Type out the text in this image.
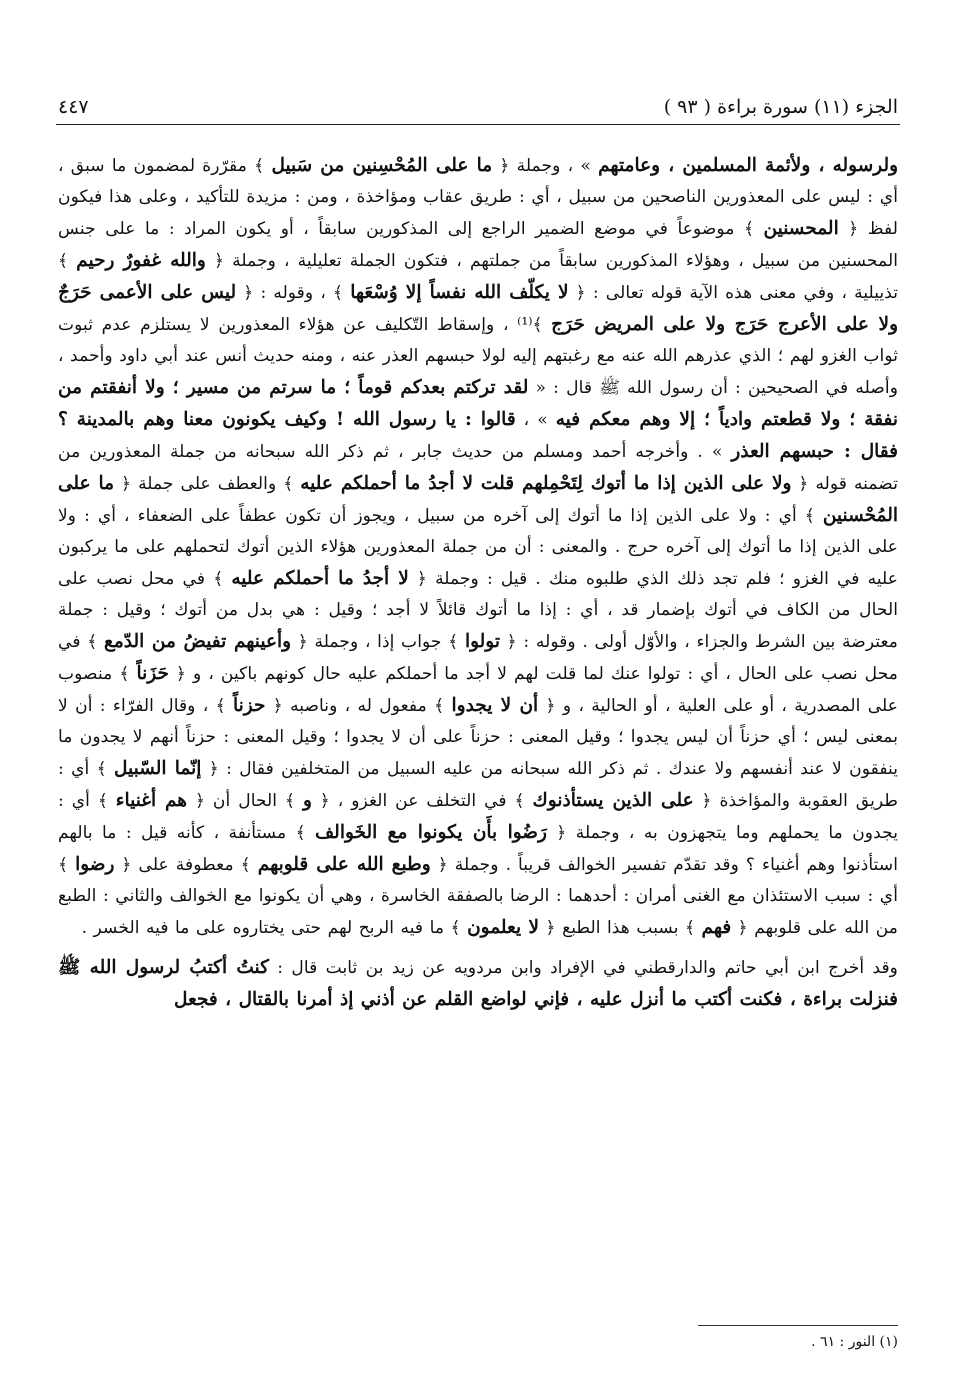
الجزء (١١) سورة براءة ( ٩٣ )
٤٤٧

ولرسوله ، ولأئمة المسلمين ، وعامتهم » ، وجملة ﴿ ما على المُحْسِنين من سَبيل ﴾ مقرّرة لمضمون ما سبق ، أي : ليس على المعذورين الناصحين من سبيل ، أي : طريق عقاب ومؤاخذة ، ومن : مزيدة للتأكيد ، وعلى هذا فيكون لفظ ﴿ المحسنين ﴾ موضوعاً في موضع الضمير الراجع إلى المذكورين سابقاً ، أو يكون المراد : ما على جنس المحسنين من سبيل ، وهؤلاء المذكورين سابقاً من جملتهم ، فتكون الجملة تعليلية ، وجملة ﴿ والله غفورٌ رحيم ﴾ تذييلية ، وفي معنى هذه الآية قوله تعالى : ﴿ لا يكلّف الله نفساً إلا وُسْعَها ﴾ ، وقوله : ﴿ ليس على الأعمى حَرَجٌ ولا على الأعرج حَرَج ولا على المريض حَرَج ﴾⁽¹⁾ ، وإسقاط التّكليف عن هؤلاء المعذورين لا يستلزم عدم ثبوت ثواب الغزو لهم ؛ الذي عذرهم الله عنه مع رغبتهم إليه لولا حبسهم العذر عنه ، ومنه حديث أنس عند أبي داود وأحمد ، وأصله في الصحيحين : أن رسول الله ﷺ قال : « لقد تركتم بعدكم قوماً ؛ ما سرتم من مسير ؛ ولا أنفقتم من نفقة ؛ ولا قطعتم وادياً ؛ إلا وهم معكم فيه » ، قالوا : يا رسول الله ! وكيف يكونون معنا وهم بالمدينة ؟ فقال : حبسهم العذر » . وأخرجه أحمد ومسلم من حديث جابر ، ثم ذكر الله سبحانه من جملة المعذورين من تضمنه قوله ﴿ ولا على الذين إذا ما أتوك لِتَحْمِلهم قلت لا أجدُ ما أحملكم عليه ﴾ والعطف على جملة ﴿ ما على المُحْسنين ﴾ أي : ولا على الذين إذا ما أتوك إلى آخره من سبيل ، ويجوز أن تكون عطفاً على الضعفاء ، أي : ولا على الذين إذا ما أتوك إلى آخره حرج . والمعنى : أن من جملة المعذورين هؤلاء الذين أتوك لتحملهم على ما يركبون عليه في الغزو ؛ فلم تجد ذلك الذي طلبوه منك . قيل : وجملة ﴿ لا أجدُ ما أحملكم عليه ﴾ في محل نصب على الحال من الكاف في أتوك بإضمار قد ، أي : إذا ما أتوك قائلاً لا أجد ؛ وقيل : هي بدل من أتوك ؛ وقيل : جملة معترضة بين الشرط والجزاء ، والأوّل أولى . وقوله : ﴿ تولوا ﴾ جواب إذا ، وجملة ﴿ وأعينهم تفيضُ من الدّمع ﴾ في محل نصب على الحال ، أي : تولوا عنك لما قلت لهم لا أجد ما أحملكم عليه حال كونهم باكين ، و ﴿ حَزَناً ﴾ منصوب على المصدرية ، أو على العلية ، أو الحالية ، و ﴿ أن لا يجدوا ﴾ مفعول له ، وناصبه ﴿ حزناً ﴾ ، وقال الفرّاء : أن لا بمعنى ليس ؛ أي حزناً أن ليس يجدوا ؛ وقيل المعنى : حزناً على أن لا يجدوا ؛ وقيل المعنى : حزناً أنهم لا يجدون ما ينفقون لا عند أنفسهم ولا عندك . ثم ذكر الله سبحانه من عليه السبيل من المتخلفين فقال : ﴿ إنّما السّبيل ﴾ أي : طريق العقوبة والمؤاخذة ﴿ على الذين يستأذنوك ﴾ في التخلف عن الغزو ، ﴿ و ﴾ الحال أن ﴿ هم أغنياء ﴾ أي : يجدون ما يحملهم وما يتجهزون به ، وجملة ﴿ رَضُوا بأَن يكونوا مع الخَوالف ﴾ مستأنفة ، كأنه قيل : ما بالهم استأذنوا وهم أغنياء ؟ وقد تقدّم تفسير الخوالف قريباً . وجملة ﴿ وطبع الله على قلوبهم ﴾ معطوفة على ﴿ رضوا ﴾ أي : سبب الاستئذان مع الغنى أمران : أحدهما : الرضا بالصفقة الخاسرة ، وهي أن يكونوا مع الخوالف والثاني : الطبع من الله على قلوبهم ﴿ فهم ﴾ بسبب هذا الطبع ﴿ لا يعلمون ﴾ ما فيه الربح لهم حتى يختاروه على ما فيه الخسر .

وقد أخرج ابن أبي حاتم والدارقطني في الإفراد وابن مردويه عن زيد بن ثابت قال : كنتُ أكتبُ لرسول الله ﷺ فنزلت براءة ، فكنت أكتب ما أنزل عليه ، فإني لواضع القلم عن أذني إذ أمرنا بالقتال ، فجعل

(١) النور : ٦١ .
